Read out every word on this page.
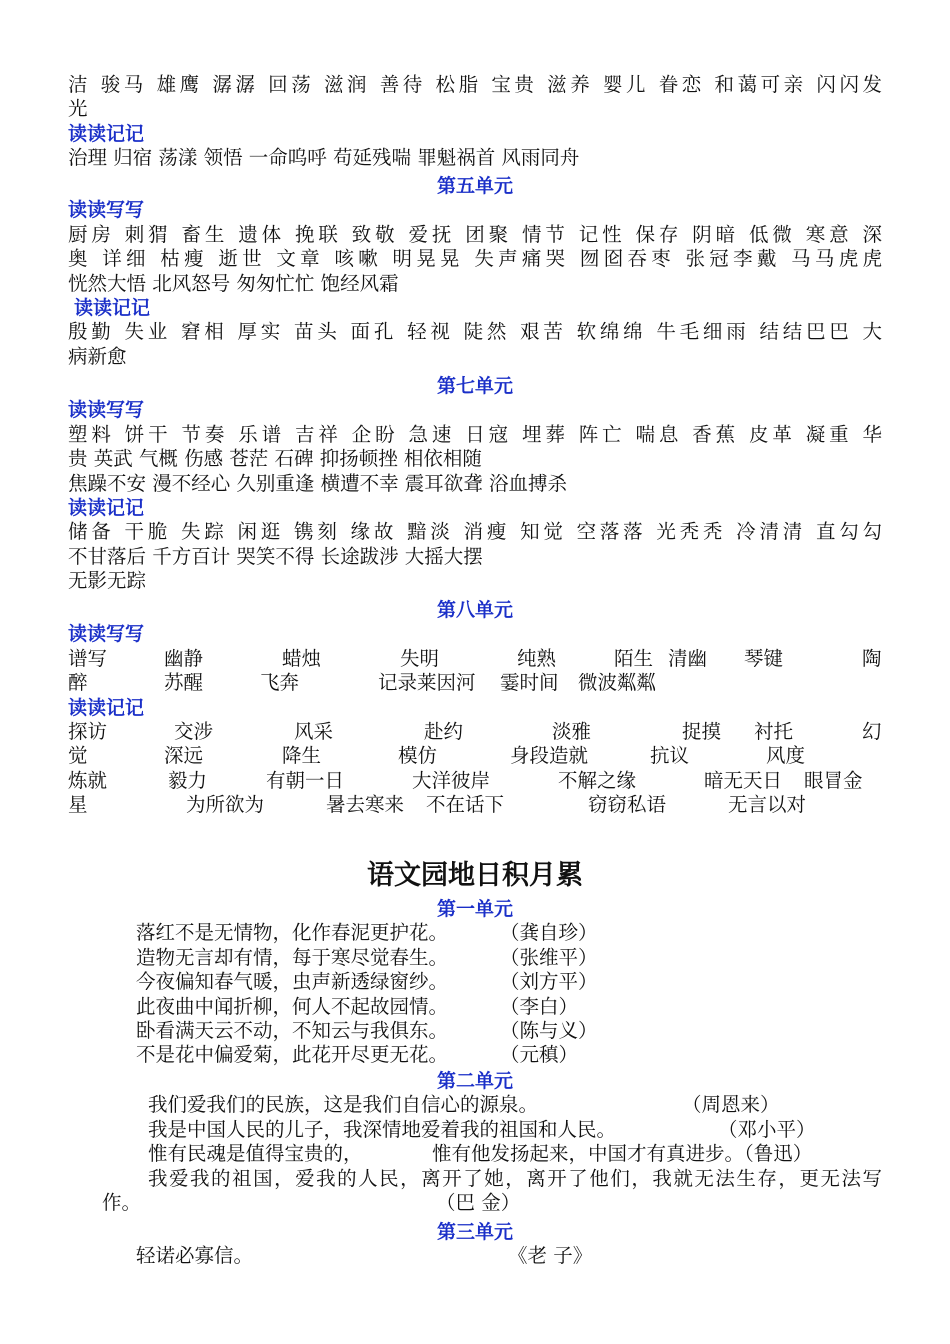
洁 骏马 雄鹰 潺潺 回荡 滋润 善待 松脂 宝贵 滋养 婴儿 眷恋 和蔼可亲 闪闪发
光
读读记记
治理 归宿 荡漾 领悟 一命呜呼 苟延残喘 罪魁祸首 风雨同舟
第五单元
读读写写
厨房 刺猬 畜生 遗体 挽联 致敬 爱抚 团聚 情节 记性 保存 阴暗 低微 寒意 深
奥 详细 枯瘦 逝世 文章 咳嗽 明晃晃 失声痛哭 囫囵吞枣 张冠李戴 马马虎虎
恍然大悟 北风怒号 匆匆忙忙 饱经风霜
读读记记
殷勤 失业 窘相 厚实 苗头 面孔 轻视 陡然 艰苦 软绵绵 牛毛细雨 结结巴巴 大
病新愈
第七单元
读读写写
塑料 饼干 节奏 乐谱 吉祥 企盼 急速 日寇 埋葬 阵亡 喘息 香蕉 皮革 凝重 华
贵 英武 气概 伤感 苍茫 石碑 抑扬顿挫 相依相随
焦躁不安 漫不经心 久别重逢 横遭不幸 震耳欲聋 浴血搏杀
读读记记
储备 干脆 失踪 闲逛 镌刻 缘故 黯淡 消瘦 知觉 空落落 光秃秃 冷清清 直勾勾
不甘落后 千方百计 哭笑不得 长途跋涉 大摇大摆
无影无踪
第八单元
读读写写
谱写	幽静	蜡烛	失明	纯熟	陌生 清幽 琴键	陶
醉	苏醒	飞奔	记录莱因河 霎时间 微波粼粼
读读记记
探访	交涉	风采	赴约	淡雅	捉摸 衬托	幻
觉	深远	降生	模仿	身段造就	抗议	风度
炼就	毅力	有朝一日	大洋彼岸	不解之缘	暗无天日 眼冒金
星	为所欲为	暑去寒来 不在话下	窃窃私语	无言以对
语文园地日积月累
第一单元
落红不是无情物，化作春泥更护花。	（龚自珍）
造物无言却有情，每于寒尽觉春生。	（张维平）
今夜偏知春气暖，虫声新透绿窗纱。	（刘方平）
此夜曲中闻折柳，何人不起故园情。	（李白）
卧看满天云不动，不知云与我俱东。	（陈与义）
不是花中偏爱菊，此花开尽更无花。	（元稹）
第二单元
我们爱我们的民族，这是我们自信心的源泉。	（周恩来）
我是中国人民的儿子，我深情地爱着我的祖国和人民。	（邓小平）
惟有民魂是值得宝贵的，	惟有他发扬起来，中国才有真进步。（鲁迅）
我爱我的祖国，爱我的人民，离开了她，离开了他们，我就无法生存，更无法写
作。	（巴 金）
第三单元
轻诺必寡信。	《老 子》
